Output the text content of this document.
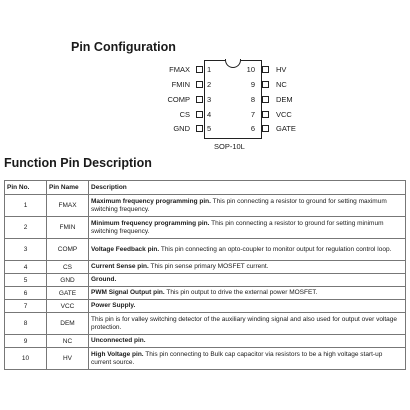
Pin Configuration
FMAX 1
FMIN 2
COMP 3
CS 4
GND 5
10	HV
9	NC
8	DEM
7	VCC
6	GATE
SOP-10L
Function Pin Description
Pin No.	Pin Name	Description
1	FMAX	Maximum frequency programming pin. This pin connecting a resistor to ground for setting maximum switching frequency.
2	FMIN	Minimum frequency programming pin. This pin connecting a resistor to ground for setting minimum switching frequency.
3	COMP	Voltage Feedback pin. This pin connecting an opto-coupler to monitor output for regulation control loop.
4	CS	Current Sense pin. This pin sense primary MOSFET current.
5	GND	Ground.
6	GATE	PWM Signal Output pin. This pin output to drive the external power MOSFET.
7	VCC	Power Supply.
8	DEM	This pin is for valley switching detector of the auxiliary winding signal and also used for output over voltage protection.
9	NC	Unconnected pin.
10	HV	High Voltage pin. This pin connecting to Bulk cap capacitor via resistors to be a high voltage start-up current source.
